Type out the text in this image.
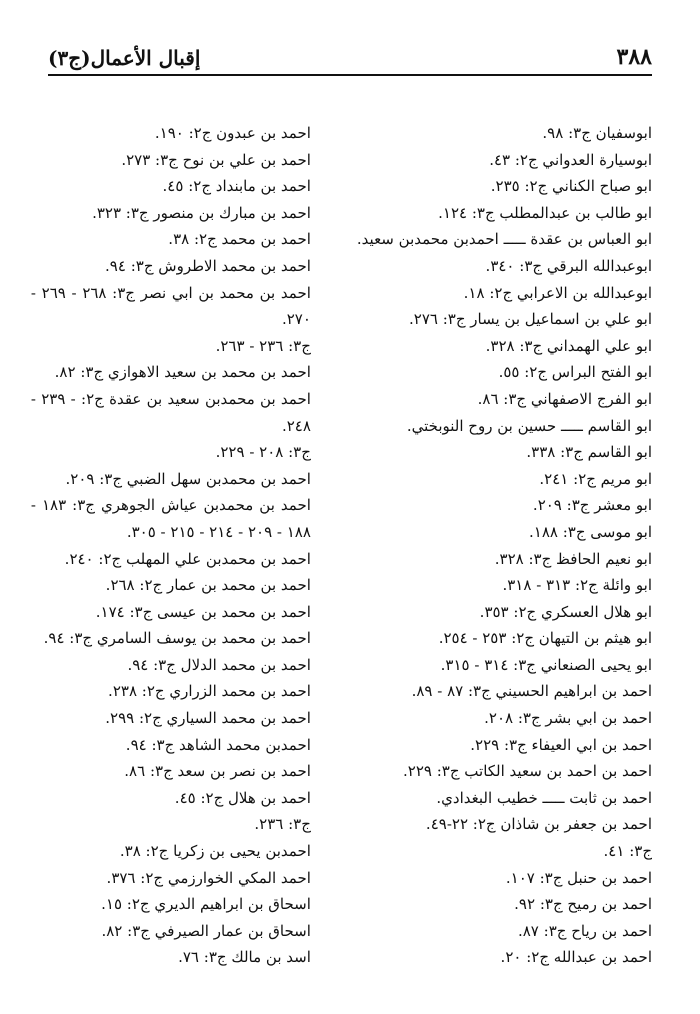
٣٨٨
إقبال الأعمال(ج٣)
ابوسفيان ج٣: ٩٨.
ابوسيارة العدواني ج٢: ٤٣.
ابو صباح الكناني ج٢: ٢٣٥.
ابو طالب بن عبدالمطلب ج٣: ١٢٤.
ابو العباس بن عقدة ـــــ احمدبن محمدبن سعيد.
ابوعبدالله البرقي ج٣: ٣٤٠.
ابوعبدالله بن الاعرابي ج٢: ١٨.
ابو علي بن اسماعيل بن يسار ج٣: ٢٧٦.
ابو علي الهمداني ج٣: ٣٢٨.
ابو الفتح البراس ج٢: ٥٥.
ابو الفرج الاصفهاني ج٣: ٨٦.
ابو القاسم ـــــ حسين بن روح النوبختي.
ابو القاسم ج٣: ٣٣٨.
ابو مريم ج٢: ٢٤١.
ابو معشر ج٣: ٢٠٩.
ابو موسى ج٣: ١٨٨.
ابو نعيم الحافظ ج٣: ٣٢٨.
ابو وائلة ج٢: ٣١٣ - ٣١٨.
ابو هلال العسكري ج٢: ٣٥٣.
ابو هيثم بن التيهان ج٢: ٢٥٣ - ٢٥٤.
ابو يحيى الصنعاني ج٣: ٣١٤ - ٣١٥.
احمد بن ابراهيم الحسيني ج٣: ٨٧ - ٨٩.
احمد بن ابي بشر ج٣: ٢٠٨.
احمد بن ابي العيفاء ج٣: ٢٢٩.
احمد بن احمد بن سعيد الكاتب ج٣: ٢٢٩.
احمد بن ثابت ـــــ خطيب البغدادي.
احمد بن جعفر بن شاذان ج٢: ٢٢-٤٩.
ج٣: ٤١.
احمد بن حنبل ج٣: ١٠٧.
احمد بن رميح ج٣: ٩٢.
احمد بن رياح ج٣: ٨٧.
احمد بن عبدالله ج٢: ٢٠.
احمد بن عبدون ج٢: ١٩٠.
احمد بن علي بن نوح ج٣: ٢٧٣.
احمد بن مابنداد ج٢: ٤٥.
احمد بن مبارك بن منصور ج٣: ٣٢٣.
احمد بن محمد ج٢: ٣٨.
احمد بن محمد الاطروش ج٣: ٩٤.
احمد بن محمد بن ابي نصر ج٣: ٢٦٨ - ٢٦٩ -
٢٧٠.
ج٣: ٢٣٦ - ٢٦٣.
احمد بن محمد بن سعيد الاهوازي ج٣: ٨٢.
احمد بن محمدبن سعيد بن عقدة ج٢: - ٢٣٩ -
٢٤٨.
ج٣: ٢٠٨ - ٢٢٩.
احمد بن محمدبن سهل الضبي ج٣: ٢٠٩.
احمد بن محمدبن عياش الجوهري ج٣: ١٨٣ -
١٨٨ - ٢٠٩ - ٢١٤ - ٢١٥ - ٣٠٥.
احمد بن محمدبن علي المهلب ج٢: ٢٤٠.
احمد بن محمد بن عمار ج٢: ٢٦٨.
احمد بن محمد بن عيسى ج٣: ١٧٤.
احمد بن محمد بن يوسف السامري ج٣: ٩٤.
احمد بن محمد الدلال ج٣: ٩٤.
احمد بن محمد الزراري ج٢: ٢٣٨.
احمد بن محمد السياري ج٢: ٢٩٩.
احمدبن محمد الشاهد ج٣: ٩٤.
احمد بن نصر بن سعد ج٣: ٨٦.
احمد بن هلال ج٢: ٤٥.
ج٣: ٢٣٦.
احمدبن يحيى بن زكريا ج٢: ٣٨.
احمد المكي الخوارزمي ج٢: ٣٧٦.
اسحاق بن ابراهيم الديري ج٢: ١٥.
اسحاق بن عمار الصيرفي ج٣: ٨٢.
اسد بن مالك ج٣: ٧٦.
